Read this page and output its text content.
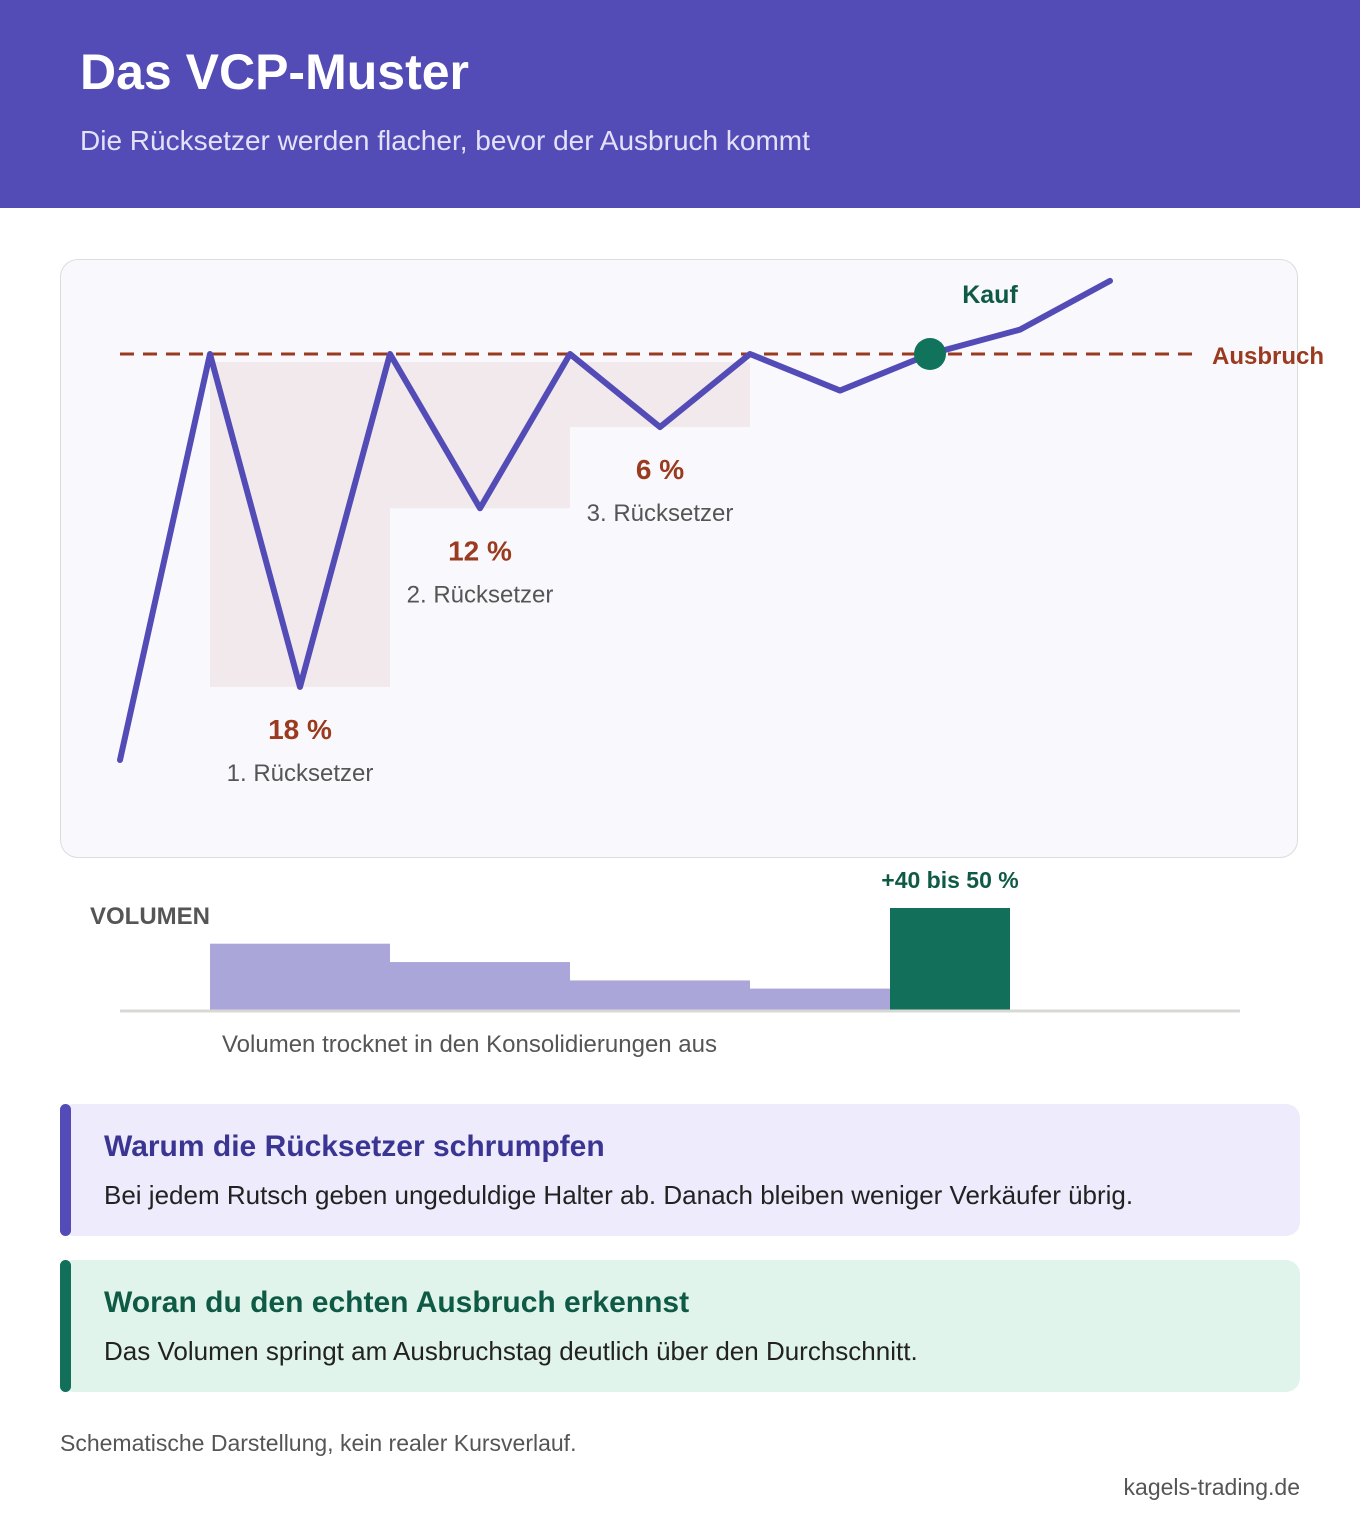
Das VCP-Muster
Die Rücksetzer werden flacher, bevor der Ausbruch kommt
Kauf
Ausbruch
18 %
1. Rücksetzer
12 %
2. Rücksetzer
6 %
3. Rücksetzer
VOLUMEN
+40 bis 50 %
Volumen trocknet in den Konsolidierungen aus
Warum die Rücksetzer schrumpfen
Bei jedem Rutsch geben ungeduldige Halter ab. Danach bleiben weniger Verkäufer übrig.
Woran du den echten Ausbruch erkennst
Das Volumen springt am Ausbruchstag deutlich über den Durchschnitt.
Schematische Darstellung, kein realer Kursverlauf.
kagels-trading.de
